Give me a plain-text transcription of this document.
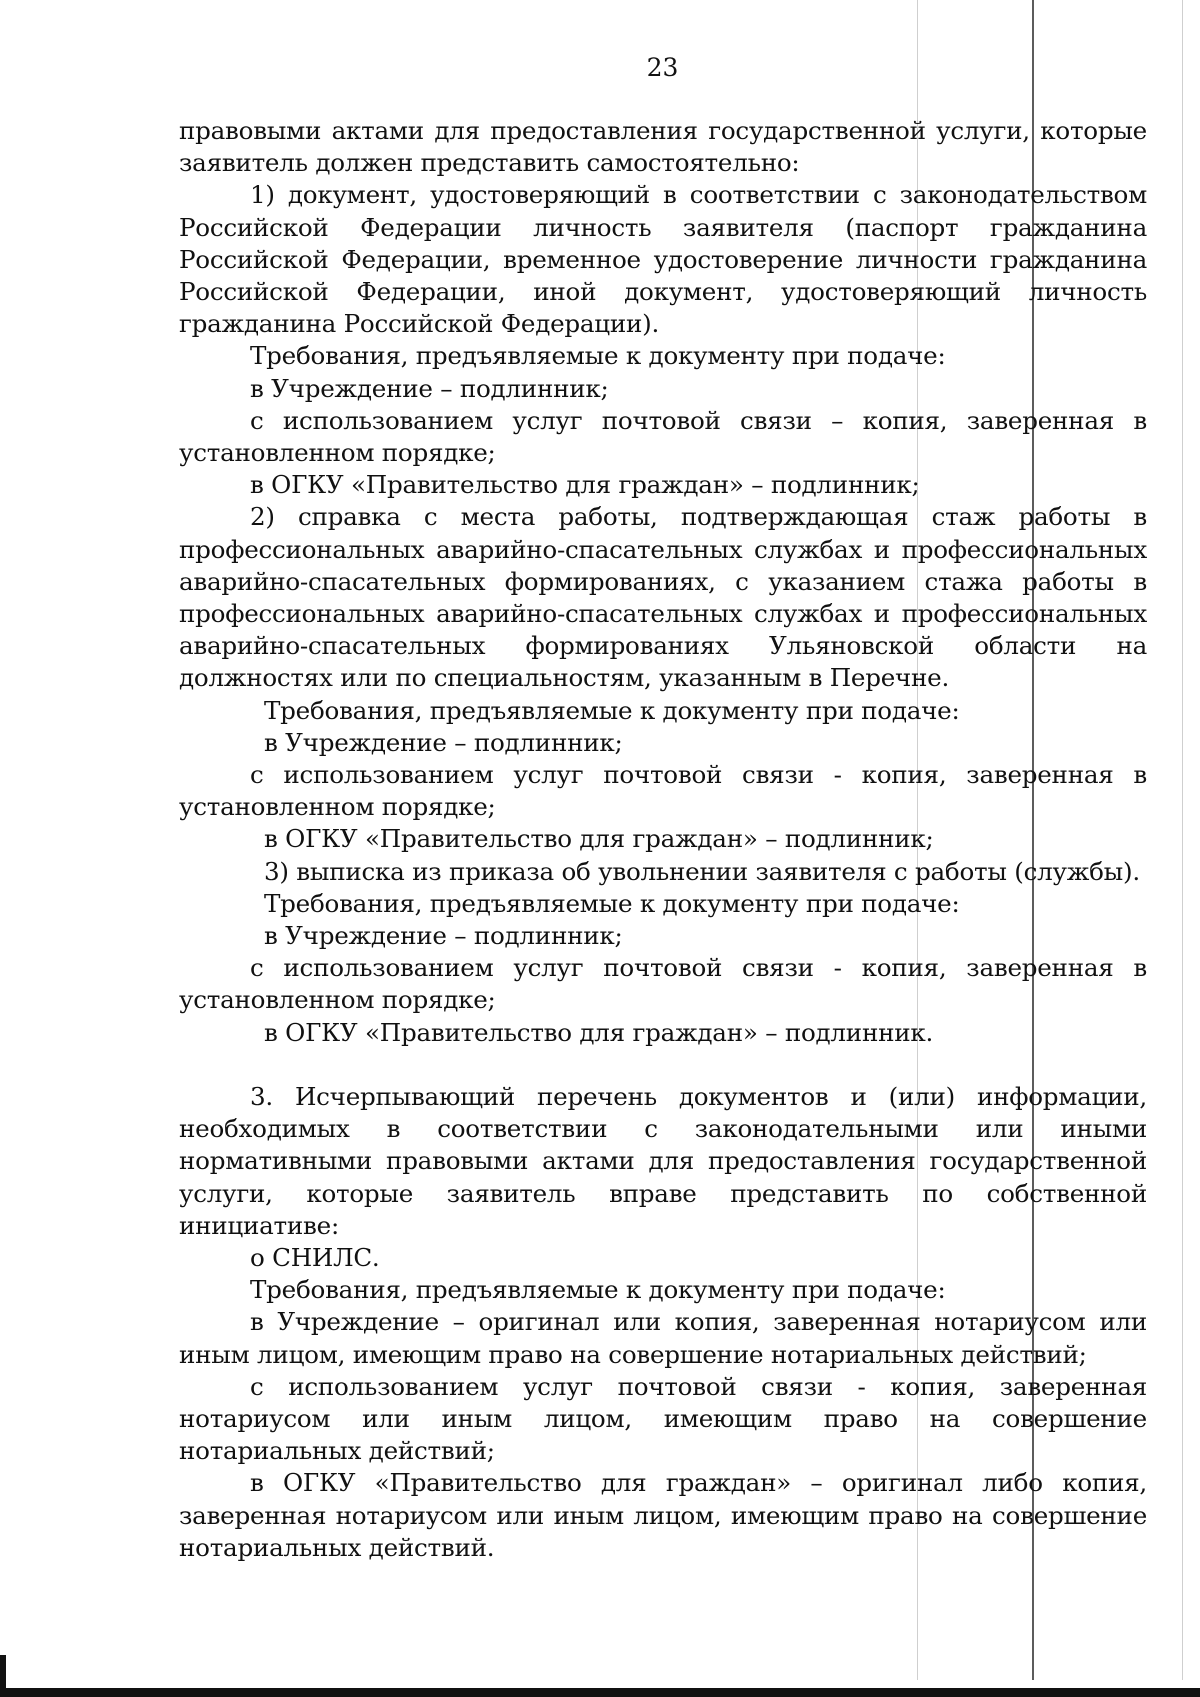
23

правовыми актами для предоставления государственной услуги, которые заявитель должен представить самостоятельно:

1) документ, удостоверяющий в соответствии с законодательством Российской Федерации личность заявителя (паспорт гражданина Российской Федерации, временное удостоверение личности гражданина Российской Федерации, иной документ, удостоверяющий личность гражданина Российской Федерации).

Требования, предъявляемые к документу при подаче:

в Учреждение – подлинник;

с использованием услуг почтовой связи – копия, заверенная в установленном порядке;

в ОГКУ «Правительство для граждан» – подлинник;

2) справка с места работы, подтверждающая стаж работы в профессиональных аварийно-спасательных службах и профессиональных аварийно-спасательных формированиях, с указанием стажа работы в профессиональных аварийно-спасательных службах и профессиональных аварийно-спасательных формированиях Ульяновской области на должностях или по специальностям, указанным в Перечне.

Требования, предъявляемые к документу при подаче:

в Учреждение – подлинник;

с использованием услуг почтовой связи - копия, заверенная в установленном порядке;

в ОГКУ «Правительство для граждан» – подлинник;

3) выписка из приказа об увольнении заявителя с работы (службы).

Требования, предъявляемые к документу при подаче:

в Учреждение – подлинник;

с использованием услуг почтовой связи - копия, заверенная в установленном порядке;

в ОГКУ «Правительство для граждан» – подлинник.

3. Исчерпывающий перечень документов и (или) информации, необходимых в соответствии с законодательными или иными нормативными правовыми актами для предоставления государственной услуги, которые заявитель вправе представить по собственной инициативе:

о СНИЛС.

Требования, предъявляемые к документу при подаче:

в Учреждение – оригинал или копия, заверенная нотариусом или иным лицом, имеющим право на совершение нотариальных действий;

с использованием услуг почтовой связи - копия, заверенная нотариусом или иным лицом, имеющим право на совершение нотариальных действий;

в ОГКУ «Правительство для граждан» – оригинал либо копия, заверенная нотариусом или иным лицом, имеющим право на совершение нотариальных действий.
